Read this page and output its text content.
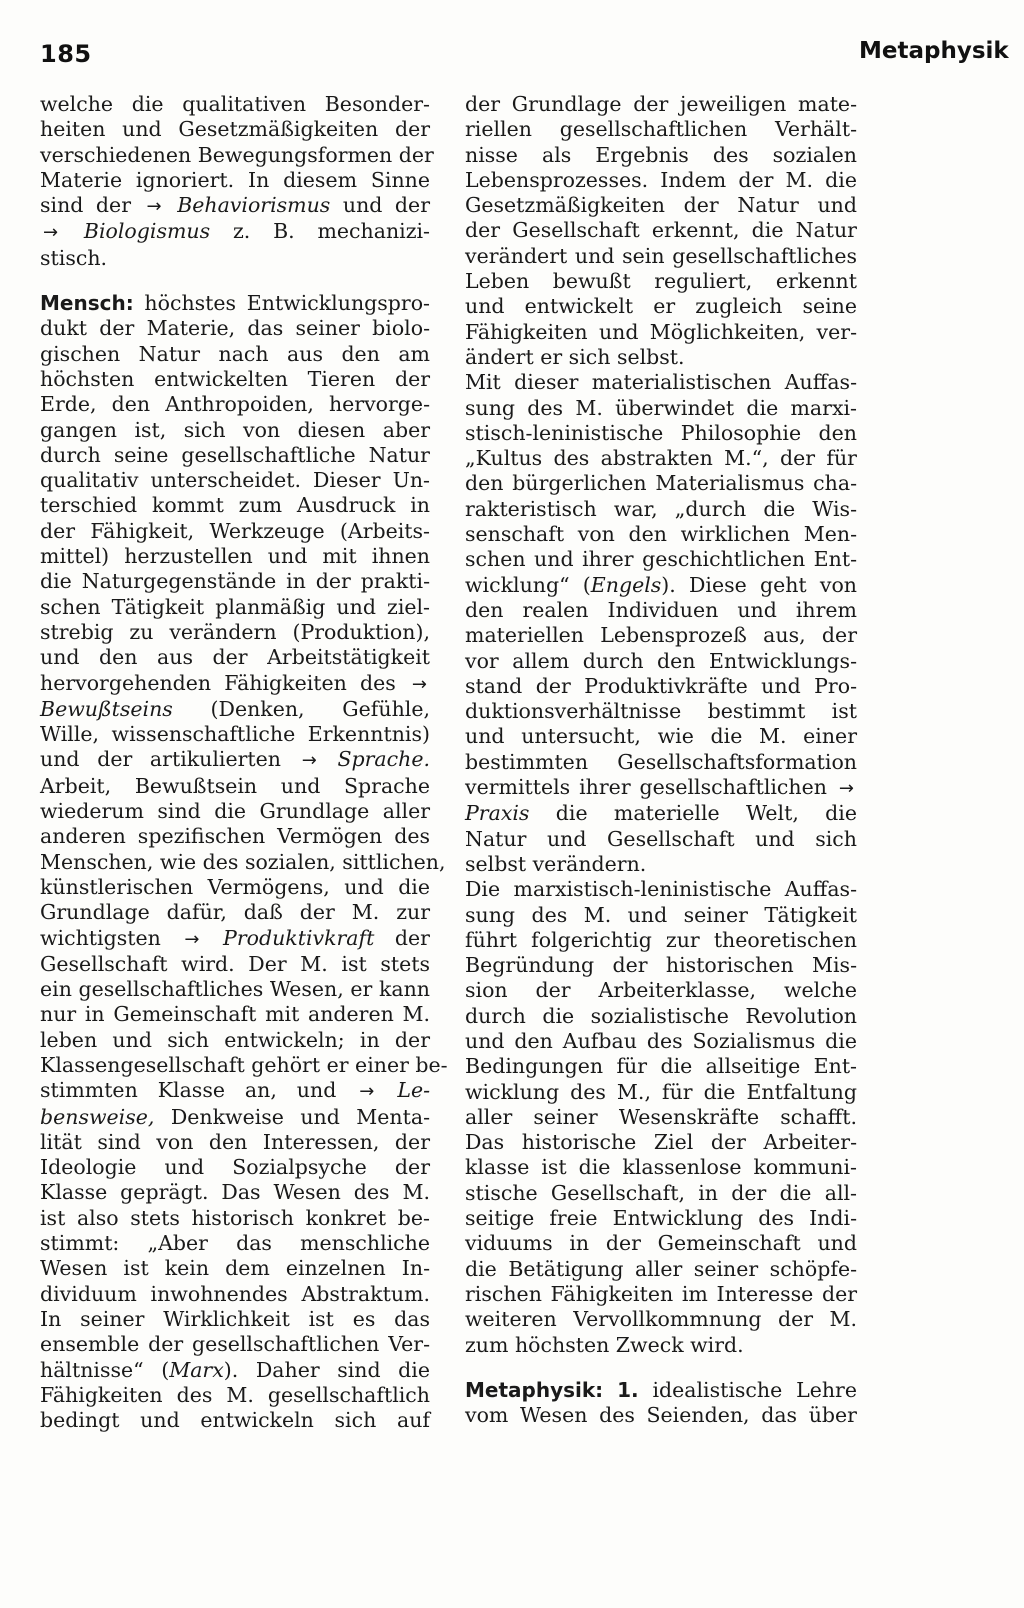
185	Metaphysik

welche die qualitativen Besonder-
heiten und Gesetzmäßigkeiten der
verschiedenen Bewegungsformen der
Materie ignoriert. In diesem Sinne
sind der → Behaviorismus und der
→ Biologismus z. B. mechanizi-
stisch.

Mensch: höchstes Entwicklungspro-
dukt der Materie, das seiner biolo-
gischen Natur nach aus den am
höchsten entwickelten Tieren der
Erde, den Anthropoiden, hervorge-
gangen ist, sich von diesen aber
durch seine gesellschaftliche Natur
qualitativ unterscheidet. Dieser Un-
terschied kommt zum Ausdruck in
der Fähigkeit, Werkzeuge (Arbeits-
mittel) herzustellen und mit ihnen
die Naturgegenstände in der prakti-
schen Tätigkeit planmäßig und ziel-
strebig zu verändern (Produktion),
und den aus der Arbeitstätigkeit
hervorgehenden Fähigkeiten des →
Bewußtseins (Denken, Gefühle,
Wille, wissenschaftliche Erkenntnis)
und der artikulierten → Sprache.
Arbeit, Bewußtsein und Sprache
wiederum sind die Grundlage aller
anderen spezifischen Vermögen des
Menschen, wie des sozialen, sittlichen,
künstlerischen Vermögens, und die
Grundlage dafür, daß der M. zur
wichtigsten → Produktivkraft der
Gesellschaft wird. Der M. ist stets
ein gesellschaftliches Wesen, er kann
nur in Gemeinschaft mit anderen M.
leben und sich entwickeln; in der
Klassengesellschaft gehört er einer be-
stimmten Klasse an, und → Le-
bensweise, Denkweise und Menta-
lität sind von den Interessen, der
Ideologie und Sozialpsyche der
Klasse geprägt. Das Wesen des M.
ist also stets historisch konkret be-
stimmt: „Aber das menschliche
Wesen ist kein dem einzelnen In-
dividuum inwohnendes Abstraktum.
In seiner Wirklichkeit ist es das
ensemble der gesellschaftlichen Ver-
hältnisse“ (Marx). Daher sind die
Fähigkeiten des M. gesellschaftlich
bedingt und entwickeln sich auf

der Grundlage der jeweiligen mate-
riellen gesellschaftlichen Verhält-
nisse als Ergebnis des sozialen
Lebensprozesses. Indem der M. die
Gesetzmäßigkeiten der Natur und
der Gesellschaft erkennt, die Natur
verändert und sein gesellschaftliches
Leben bewußt reguliert, erkennt
und entwickelt er zugleich seine
Fähigkeiten und Möglichkeiten, ver-
ändert er sich selbst.

Mit dieser materialistischen Auffas-
sung des M. überwindet die marxi-
stisch-leninistische Philosophie den
„Kultus des abstrakten M.“, der für
den bürgerlichen Materialismus cha-
rakteristisch war, „durch die Wis-
senschaft von den wirklichen Men-
schen und ihrer geschichtlichen Ent-
wicklung“ (Engels). Diese geht von
den realen Individuen und ihrem
materiellen Lebensprozeß aus, der
vor allem durch den Entwicklungs-
stand der Produktivkräfte und Pro-
duktionsverhältnisse bestimmt ist
und untersucht, wie die M. einer
bestimmten Gesellschaftsformation
vermittels ihrer gesellschaftlichen →
Praxis die materielle Welt, die
Natur und Gesellschaft und sich
selbst verändern.

Die marxistisch-leninistische Auffas-
sung des M. und seiner Tätigkeit
führt folgerichtig zur theoretischen
Begründung der historischen Mis-
sion der Arbeiterklasse, welche
durch die sozialistische Revolution
und den Aufbau des Sozialismus die
Bedingungen für die allseitige Ent-
wicklung des M., für die Entfaltung
aller seiner Wesenskräfte schafft.
Das historische Ziel der Arbeiter-
klasse ist die klassenlose kommuni-
stische Gesellschaft, in der die all-
seitige freie Entwicklung des Indi-
viduums in der Gemeinschaft und
die Betätigung aller seiner schöpfe-
rischen Fähigkeiten im Interesse der
weiteren Vervollkommnung der M.
zum höchsten Zweck wird.

Metaphysik: 1. idealistische Lehre
vom Wesen des Seienden, das über
